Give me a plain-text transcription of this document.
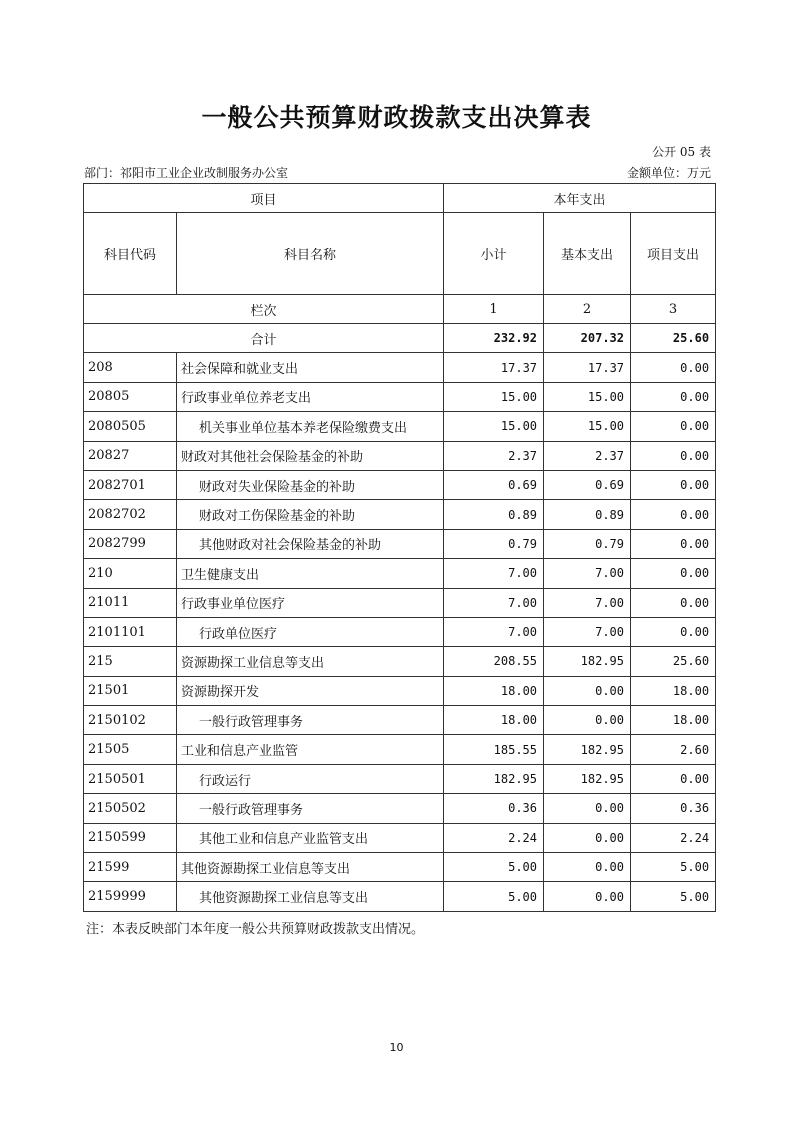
一般公共预算财政拨款支出决算表
公开 05 表
部门：祁阳市工业企业改制服务办公室	金额单位：万元
项目		本年支出		
科目代码	科目名称	小计	基本支出	项目支出
栏次		1	2	3
合计		232.92	207.32	25.60
208	社会保障和就业支出	17.37	17.37	0.00
20805	行政事业单位养老支出	15.00	15.00	0.00
2080505	机关事业单位基本养老保险缴费支出	15.00	15.00	0.00
20827	财政对其他社会保险基金的补助	2.37	2.37	0.00
2082701	财政对失业保险基金的补助	0.69	0.69	0.00
2082702	财政对工伤保险基金的补助	0.89	0.89	0.00
2082799	其他财政对社会保险基金的补助	0.79	0.79	0.00
210	卫生健康支出	7.00	7.00	0.00
21011	行政事业单位医疗	7.00	7.00	0.00
2101101	行政单位医疗	7.00	7.00	0.00
215	资源勘探工业信息等支出	208.55	182.95	25.60
21501	资源勘探开发	18.00	0.00	18.00
2150102	一般行政管理事务	18.00	0.00	18.00
21505	工业和信息产业监管	185.55	182.95	2.60
2150501	行政运行	182.95	182.95	0.00
2150502	一般行政管理事务	0.36	0.00	0.36
2150599	其他工业和信息产业监管支出	2.24	0.00	2.24
21599	其他资源勘探工业信息等支出	5.00	0.00	5.00
2159999	其他资源勘探工业信息等支出	5.00	0.00	5.00
注：本表反映部门本年度一般公共预算财政拨款支出情况。
10
